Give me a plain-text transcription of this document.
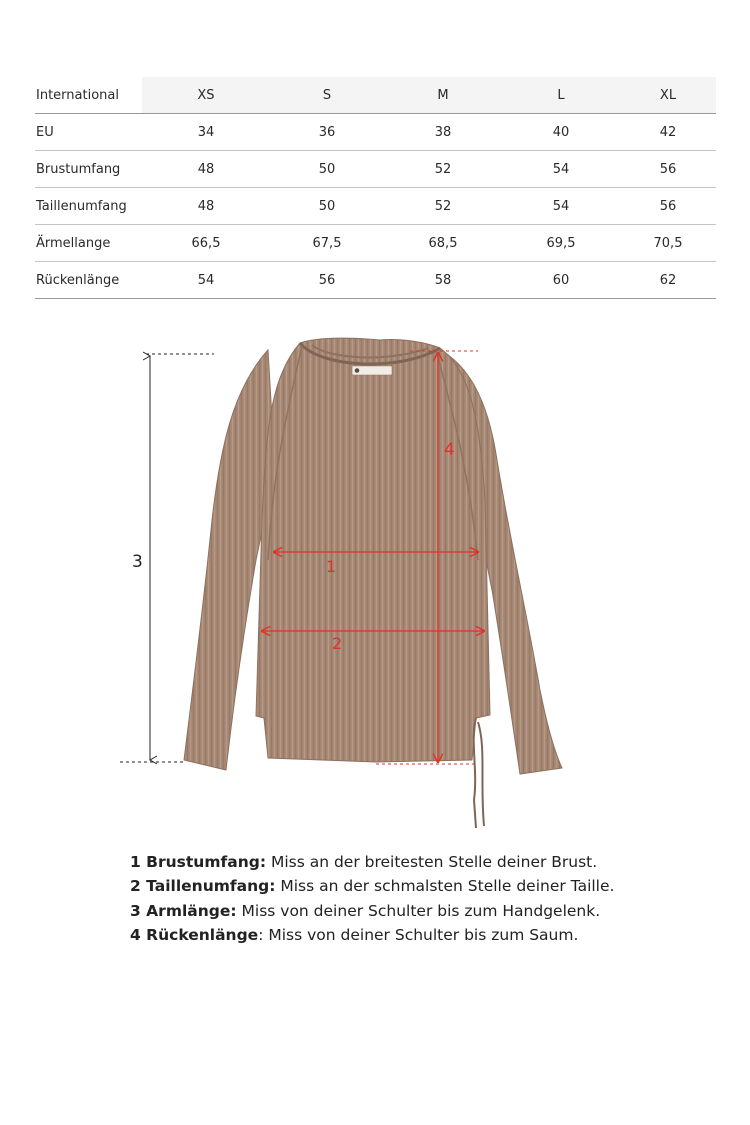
International	XS	S	M	L	XL
EU	34	36	38	40	42
Brustumfang	48	50	52	54	56
Taillenumfang	48	50	52	54	56
Ärmellange	66,5	67,5	68,5	69,5	70,5
Rückenlänge	54	56	58	60	62
4
1
2
3
1 Brustumfang: Miss an der breitesten Stelle deiner Brust.
2 Taillenumfang: Miss an der schmalsten Stelle deiner Taille.
3 Armlänge: Miss von deiner Schulter bis zum Handgelenk.
4 Rückenlänge: Miss von deiner Schulter bis zum Saum.
